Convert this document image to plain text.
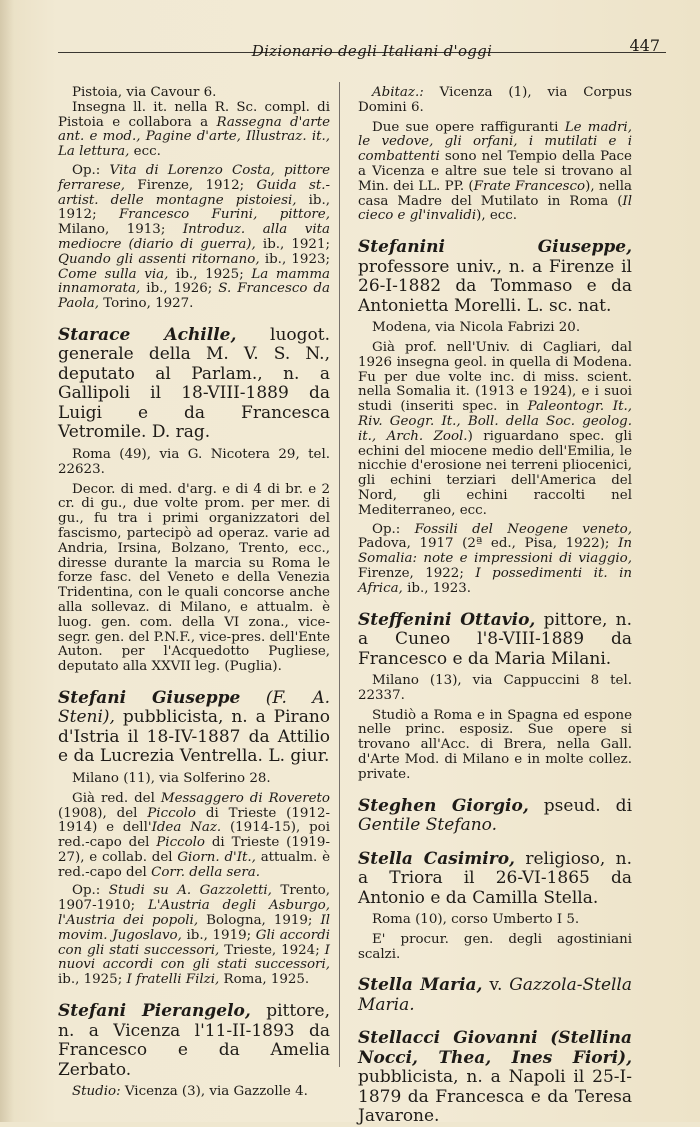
Dizionario degli Italiani d'oggi	447

Pistoia, via Cavour 6.

Insegna ll. it. nella R. Sc. compl. di Pistoia e collabora a Rassegna d'arte ant. e mod., Pagine d'arte, Illustraz. it., La lettura, ecc.

Op.: Vita di Lorenzo Costa, pittore ferrarese, Firenze, 1912; Guida st.-artist. delle montagne pistoiesi, ib., 1912; Francesco Furini, pittore, Milano, 1913; Introduz. alla vita mediocre (diario di guerra), ib., 1921; Quando gli assenti ritornano, ib., 1923; Come sulla via, ib., 1925; La mamma innamorata, ib., 1926; S. Francesco da Paola, Torino, 1927.

Starace Achille, luogot. generale della M. V. S. N., deputato al Parlam., n. a Gallipoli il 18-VIII-1889 da Luigi e da Francesca Vetromile. D. rag.

Roma (49), via G. Nicotera 29, tel. 22623.

Decor. di med. d'arg. e di 4 di br. e 2 cr. di gu., due volte prom. per mer. di gu., fu tra i primi organizzatori del fascismo, partecipò ad operaz. varie ad Andria, Irsina, Bolzano, Trento, ecc., diresse durante la marcia su Roma le forze fasc. del Veneto e della Venezia Tridentina, con le quali concorse anche alla sollevaz. di Milano, e attualm. è luog. gen. com. della VI zona., vice-segr. gen. del P.N.F., vice-pres. dell'Ente Auton. per l'Acquedotto Pugliese, deputato alla XXVII leg. (Puglia).

Stefani Giuseppe (F. A. Steni), pubblicista, n. a Pirano d'Istria il 18-IV-1887 da Attilio e da Lucrezia Ventrella. L. giur.

Milano (11), via Solferino 28.

Già red. del Messaggero di Rovereto (1908), del Piccolo di Trieste (1912-1914) e dell'Idea Naz. (1914-15), poi red.-capo del Piccolo di Trieste (1919-27), e collab. del Giorn. d'It., attualm. è red.-capo del Corr. della sera.

Op.: Studi su A. Gazzoletti, Trento, 1907-1910; L'Austria degli Asburgo, l'Austria dei popoli, Bologna, 1919; Il movim. Jugoslavo, ib., 1919; Gli accordi con gli stati successori, Trieste, 1924; I nuovi accordi con gli stati successori, ib., 1925; I fratelli Filzi, Roma, 1925.

Stefani Pierangelo, pittore, n. a Vicenza l'11-II-1893 da Francesco e da Amelia Zerbato.

Studio: Vicenza (3), via Gazzolle 4.

Abitaz.: Vicenza (1), via Corpus Domini 6.

Due sue opere raffiguranti Le madri, le vedove, gli orfani, i mutilati e i combattenti sono nel Tempio della Pace a Vicenza e altre sue tele si trovano al Min. dei LL. PP. (Frate Francesco), nella casa Madre del Mutilato in Roma (Il cieco e gl'invalidi), ecc.

Stefanini Giuseppe, professore univ., n. a Firenze il 26-I-1882 da Tommaso e da Antonietta Morelli. L. sc. nat.

Modena, via Nicola Fabrizi 20.

Già prof. nell'Univ. di Cagliari, dal 1926 insegna geol. in quella di Modena. Fu per due volte inc. di miss. scient. nella Somalia it. (1913 e 1924), e i suoi studi (inseriti spec. in Paleontogr. It., Riv. Geogr. It., Boll. della Soc. geolog. it., Arch. Zool.) riguardano spec. gli echini del miocene medio dell'Emilia, le nicchie d'erosione nei terreni pliocenici, gli echini terziari dell'America del Nord, gli echini raccolti nel Mediterraneo, ecc.

Op.: Fossili del Neogene veneto, Padova, 1917 (2ª ed., Pisa, 1922); In Somalia: note e impressioni di viaggio, Firenze, 1922; I possedimenti it. in Africa, ib., 1923.

Steffenini Ottavio, pittore, n. a Cuneo l'8-VIII-1889 da Francesco e da Maria Milani.

Milano (13), via Cappuccini 8 tel. 22337.

Studiò a Roma e in Spagna ed espone nelle princ. esposiz. Sue opere si trovano all'Acc. di Brera, nella Gall. d'Arte Mod. di Milano e in molte collez. private.

Steghen Giorgio, pseud. di Gentile Stefano.

Stella Casimiro, religioso, n. a Triora il 26-VI-1865 da Antonio e da Camilla Stella.

Roma (10), corso Umberto I 5.

E' procur. gen. degli agostiniani scalzi.

Stella Maria, v. Gazzola-Stella Maria.

Stellacci Giovanni (Stellina Nocci, Thea, Ines Fiori), pubblicista, n. a Napoli il 25-I-1879 da Francesca e da Teresa Javarone.
